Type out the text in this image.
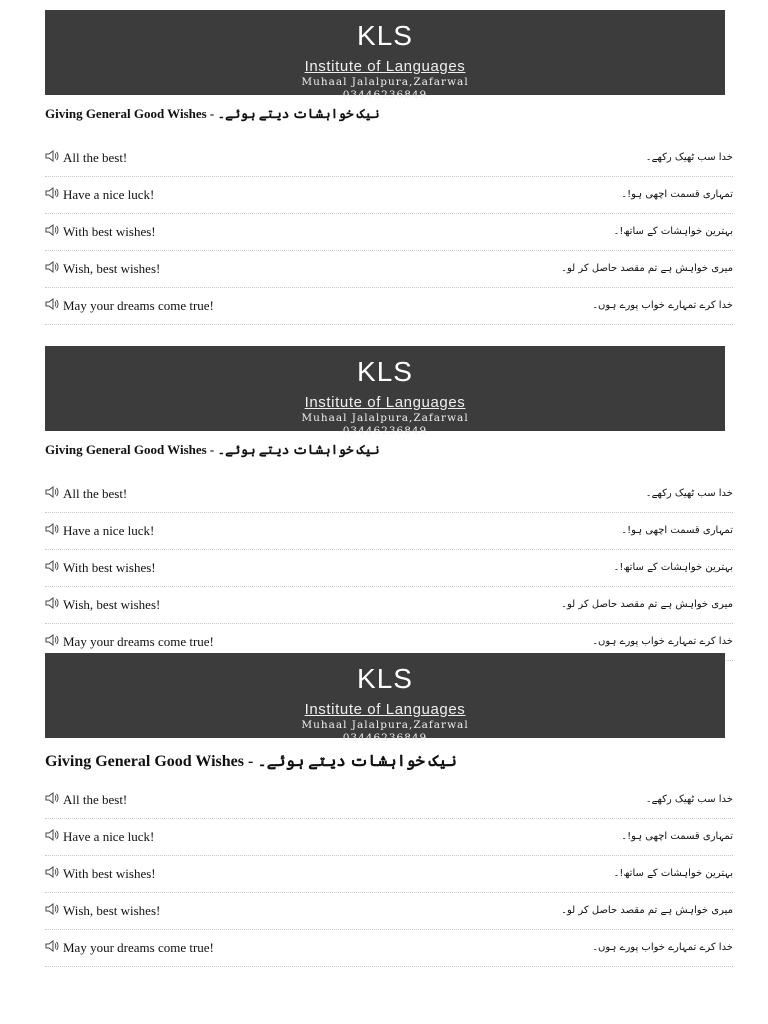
KLS
Institute of Languages
Muhaal Jalalpura,Zafarwal
03446236849
Giving General Good Wishes - نیک خواہشات دیتے ہوئے۔
All the best!	خدا سب ٹھیک رکھے۔
Have a nice luck!	تمہاری قسمت اچھی ہو!۔
With best wishes!	بہترین خواہشات کے ساتھ!۔
Wish, best wishes!	میری خواہش ہے تم مقصد حاصل کر لو۔
May your dreams come true!	خدا کرے تمہارے خواب پورے ہوں۔
KLS
Institute of Languages
Muhaal Jalalpura,Zafarwal
03446236849
Giving General Good Wishes - نیک خواہشات دیتے ہوئے۔
All the best!	خدا سب ٹھیک رکھے۔
Have a nice luck!	تمہاری قسمت اچھی ہو!۔
With best wishes!	بہترین خواہشات کے ساتھ!۔
Wish, best wishes!	میری خواہش ہے تم مقصد حاصل کر لو۔
May your dreams come true!	خدا کرے تمہارے خواب پورے ہوں۔
KLS
Institute of Languages
Muhaal Jalalpura,Zafarwal
03446236849
Giving General Good Wishes - نیک خواہشات دیتے ہوئے۔
All the best!	خدا سب ٹھیک رکھے۔
Have a nice luck!	تمہاری قسمت اچھی ہو!۔
With best wishes!	بہترین خواہشات کے ساتھ!۔
Wish, best wishes!	میری خواہش ہے تم مقصد حاصل کر لو۔
May your dreams come true!	خدا کرے تمہارے خواب پورے ہوں۔
